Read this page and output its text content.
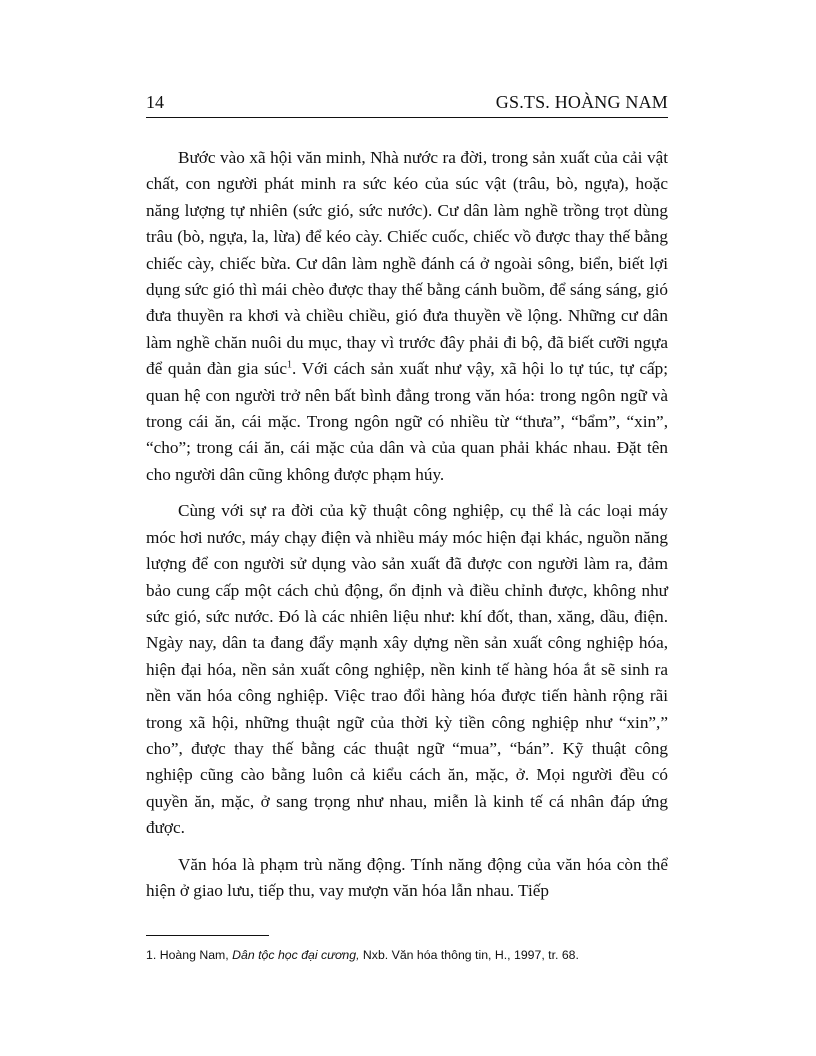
14	GS.TS. HOÀNG NAM

Bước vào xã hội văn minh, Nhà nước ra đời, trong sản xuất của cải vật chất, con người phát minh ra sức kéo của súc vật (trâu, bò, ngựa), hoặc năng lượng tự nhiên (sức gió, sức nước). Cư dân làm nghề trồng trọt dùng trâu (bò, ngựa, la, lừa) để kéo cày. Chiếc cuốc, chiếc vồ được thay thế bằng chiếc cày, chiếc bừa. Cư dân làm nghề đánh cá ở ngoài sông, biển, biết lợi dụng sức gió thì mái chèo được thay thế bằng cánh buồm, để sáng sáng, gió đưa thuyền ra khơi và chiều chiều, gió đưa thuyền về lộng. Những cư dân làm nghề chăn nuôi du mục, thay vì trước đây phải đi bộ, đã biết cưỡi ngựa để quản đàn gia súc$^1$. Với cách sản xuất như vậy, xã hội lo tự túc, tự cấp; quan hệ con người trở nên bất bình đẳng trong văn hóa: trong ngôn ngữ và trong cái ăn, cái mặc. Trong ngôn ngữ có nhiều từ “thưa”, “bẩm”, “xin”, “cho”; trong cái ăn, cái mặc của dân và của quan phải khác nhau. Đặt tên cho người dân cũng không được phạm húy.

Cùng với sự ra đời của kỹ thuật công nghiệp, cụ thể là các loại máy móc hơi nước, máy chạy điện và nhiều máy móc hiện đại khác, nguồn năng lượng để con người sử dụng vào sản xuất đã được con người làm ra, đảm bảo cung cấp một cách chủ động, ổn định và điều chỉnh được, không như sức gió, sức nước. Đó là các nhiên liệu như: khí đốt, than, xăng, dầu, điện. Ngày nay, dân ta đang đẩy mạnh xây dựng nền sản xuất công nghiệp hóa, hiện đại hóa, nền sản xuất công nghiệp, nền kinh tế hàng hóa ắt sẽ sinh ra nền văn hóa công nghiệp. Việc trao đổi hàng hóa được tiến hành rộng rãi trong xã hội, những thuật ngữ của thời kỳ tiền công nghiệp như “xin”,” cho”, được thay thế bằng các thuật ngữ “mua”, “bán”. Kỹ thuật công nghiệp cũng cào bằng luôn cả kiểu cách ăn, mặc, ở. Mọi người đều có quyền ăn, mặc, ở sang trọng như nhau, miễn là kinh tế cá nhân đáp ứng được.

Văn hóa là phạm trù năng động. Tính năng động của văn hóa còn thể hiện ở giao lưu, tiếp thu, vay mượn văn hóa lẫn nhau. Tiếp

1. Hoàng Nam, Dân tộc học đại cương, Nxb. Văn hóa thông tin, H., 1997, tr. 68.
